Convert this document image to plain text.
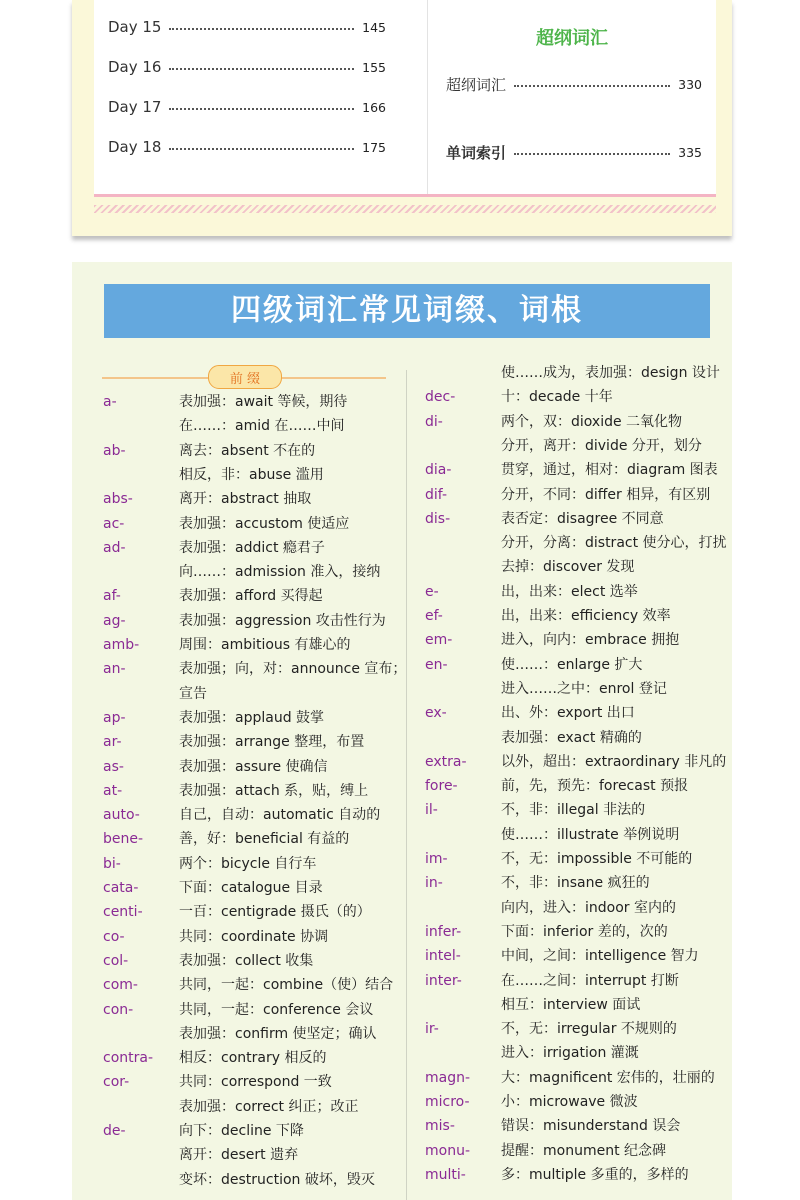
Day 15	145
Day 16	155
Day 17	166
Day 18	175
超纲词汇
超纲词汇	330
单词索引	335
四级词汇常见词缀、词根
前 缀
a-	表加强：await 等候，期待
在……：amid 在……中间
ab-	离去：absent 不在的
相反，非：abuse 滥用
abs-	离开：abstract 抽取
ac-	表加强：accustom 使适应
ad-	表加强：addict 瘾君子
向……：admission 准入，接纳
af-	表加强：afford 买得起
ag-	表加强：aggression 攻击性行为
amb-	周围：ambitious 有雄心的
an-	表加强；向，对：announce 宣布；
宣告
ap-	表加强：applaud 鼓掌
ar-	表加强：arrange 整理，布置
as-	表加强：assure 使确信
at-	表加强：attach 系，贴，缚上
auto-	自己，自动：automatic 自动的
bene-	善，好：beneficial 有益的
bi-	两个：bicycle 自行车
cata-	下面：catalogue 目录
centi-	一百：centigrade 摄氏（的）
co-	共同：coordinate 协调
col-	表加强：collect 收集
com-	共同，一起：combine（使）结合
con-	共同，一起：conference 会议
表加强：confirm 使坚定；确认
contra- 相反：contrary 相反的
cor-	共同：correspond 一致
表加强：correct 纠正；改正
de-	向下：decline 下降
离开：desert 遗弃
变坏：destruction 破坏，毁灭
使……成为，表加强：design 设计
dec-	十：decade 十年
di-	两个，双：dioxide 二氧化物
分开，离开：divide 分开，划分
dia-	贯穿，通过，相对：diagram 图表
dif-	分开，不同：differ 相异，有区别
dis-	表否定：disagree 不同意
分开，分离：distract 使分心，打扰
去掉：discover 发现
e-	出，出来：elect 选举
ef-	出，出来：efficiency 效率
em-	进入，向内：embrace 拥抱
en-	使……：enlarge 扩大
进入……之中：enrol 登记
ex-	出、外：export 出口
表加强：exact 精确的
extra- 以外，超出：extraordinary 非凡的
fore-	前，先，预先：forecast 预报
il-	不，非：illegal 非法的
使……：illustrate 举例说明
im-	不，无：impossible 不可能的
in-	不，非：insane 疯狂的
向内，进入：indoor 室内的
infer-	下面：inferior 差的，次的
intel-	中间，之间：intelligence 智力
inter-	在……之间：interrupt 打断
相互：interview 面试
ir-	不，无：irregular 不规则的
进入：irrigation 灌溉
magn- 大：magnificent 宏伟的，壮丽的
micro- 小：microwave 微波
mis-	错误：misunderstand 误会
monu- 提醒：monument 纪念碑
multi-	多：multiple 多重的，多样的
